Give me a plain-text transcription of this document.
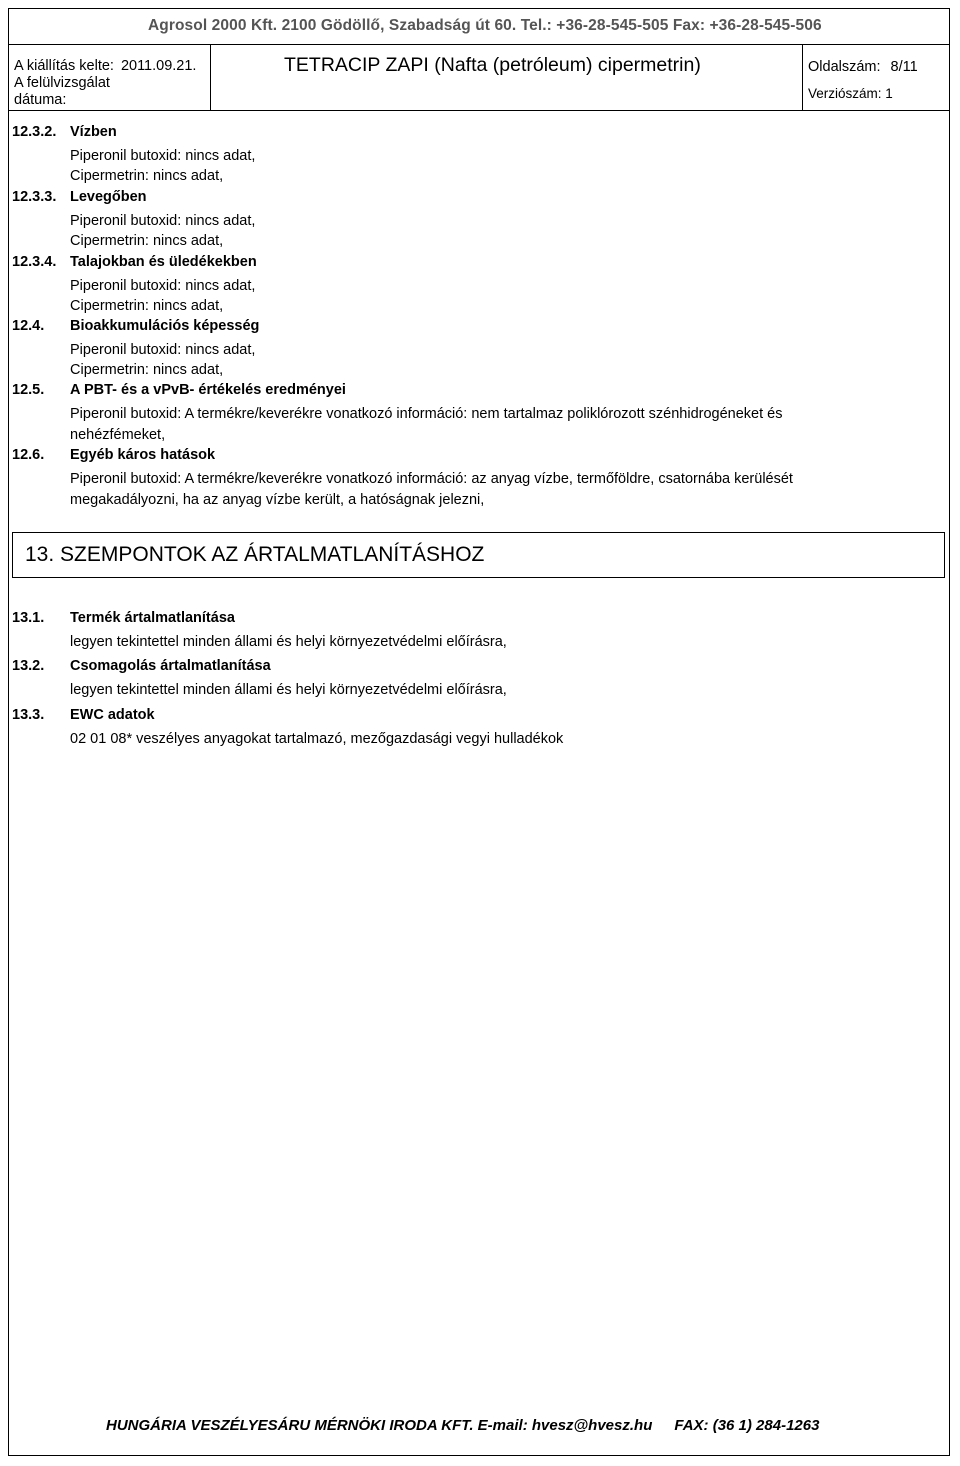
Agrosol 2000 Kft. 2100 Gödöllő, Szabadság út 60. Tel.: +36-28-545-505 Fax: +36-28-545-506
A kiállítás kelte: 2011.09.21.
A felülvizsgálat
dátuma:
TETRACIP ZAPI (Nafta (petróleum) cipermetrin)	Oldalszám: 8/11
Verziószám: 1
12.3.2. Vízben
Piperonil butoxid: nincs adat,
Cipermetrin: nincs adat,
12.3.3. Levegőben
Piperonil butoxid: nincs adat,
Cipermetrin: nincs adat,
12.3.4. Talajokban és üledékekben
Piperonil butoxid: nincs adat,
Cipermetrin: nincs adat,
12.4. Bioakkumulációs képesség
Piperonil butoxid: nincs adat,
Cipermetrin: nincs adat,
12.5. A PBT- és a vPvB- értékelés eredményei
Piperonil butoxid: A termékre/keverékre vonatkozó információ: nem tartalmaz poliklórozott szénhidrogéneket és
nehézfémeket,
12.6. Egyéb káros hatások
Piperonil butoxid: A termékre/keverékre vonatkozó információ: az anyag vízbe, termőföldre, csatornába kerülését
megakadályozni, ha az anyag vízbe került, a hatóságnak jelezni,
13. SZEMPONTOK AZ ÁRTALMATLANÍTÁSHOZ
13.1. Termék ártalmatlanítása
legyen tekintettel minden állami és helyi környezetvédelmi előírásra,
13.2. Csomagolás ártalmatlanítása
legyen tekintettel minden állami és helyi környezetvédelmi előírásra,
13.3. EWC adatok
02 01 08* veszélyes anyagokat tartalmazó, mezőgazdasági vegyi hulladékok
HUNGÁRIA VESZÉLYESÁRU MÉRNÖKI IRODA KFT. E-mail: hvesz@hvesz.hu FAX: (36 1) 284-1263
